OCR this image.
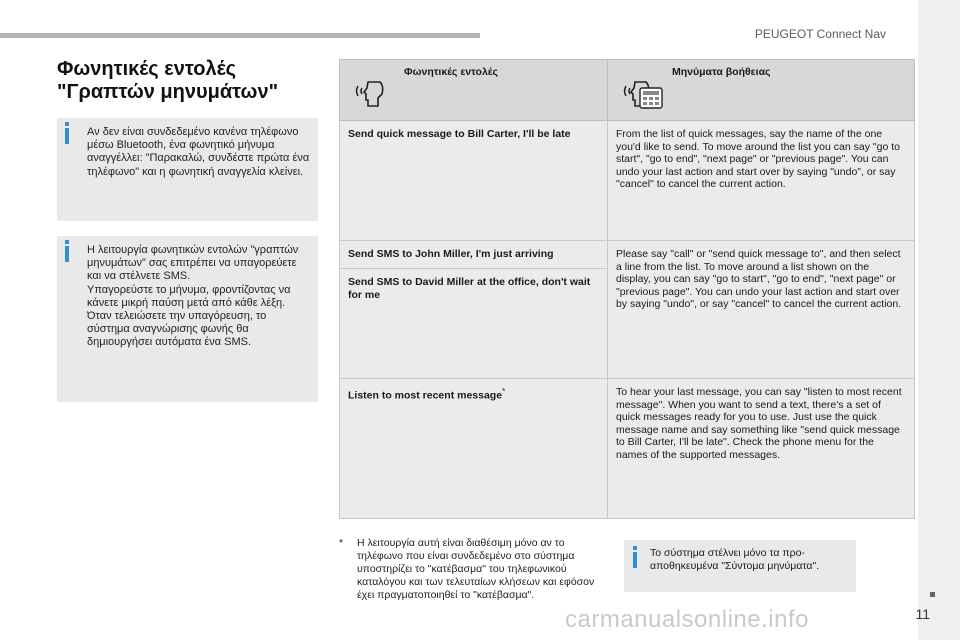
PEUGEOT Connect Nav
11
Φωνητικές εντολές "Γραπτών μηνυμάτων"

Αν δεν είναι συνδεδεμένο κανένα τηλέφωνο μέσω Bluetooth, ένα φωνητικό μήνυμα αναγγέλλει: "Παρακαλώ, συνδέστε πρώτα ένα τηλέφωνο" και η φωνητική αναγγελία κλείνει.

Η λειτουργία φωνητικών εντολών "γραπτών μηνυμάτων" σας επιτρέπει να υπαγορεύετε και να στέλνετε SMS.
Υπαγορεύστε το μήνυμα, φροντίζοντας να κάνετε μικρή παύση μετά από κάθε λέξη.
Όταν τελειώσετε την υπαγόρευση, το σύστημα αναγνώρισης φωνής θα δημιουργήσει αυτόματα ένα SMS.

Φωνητικές εντολές	Μηνύματα βοήθειας

Send quick message to Bill Carter, I'll be late	From the list of quick messages, say the name of the one you'd like to send. To move around the list you can say "go to start", "go to end", "next page" or "previous page". You can undo your last action and start over by saying "undo", or say "cancel" to cancel the current action.
Send SMS to John Miller, I'm just arriving	Please say "call" or "send quick message to", and then select a line from the list. To move around a list shown on the display, you can say "go to start", "go to end", "next page" or "previous page". You can undo your last action and start over by saying "undo", or say "cancel" to cancel the current action.
Send SMS to David Miller at the office, don't wait for me	
Listen to most recent message*	To hear your last message, you can say "listen to most recent message". When you want to send a text, there's a set of quick messages ready for you to use. Just use the quick message name and say something like "send quick message to Bill Carter, I'll be late". Check the phone menu for the names of the supported messages.
* Η λειτουργία αυτή είναι διαθέσιμη μόνο αν το τηλέφωνο που είναι συνδεδεμένο στο σύστημα υποστηρίζει το "κατέβασμα" του τηλεφωνικού καταλόγου και των τελευταίων κλήσεων και εφόσον έχει πραγματοποιηθεί το "κατέβασμα".
Το σύστημα στέλνει μόνο τα προ-αποθηκευμένα "Σύντομα μηνύματα".
carmanualsonline.info
